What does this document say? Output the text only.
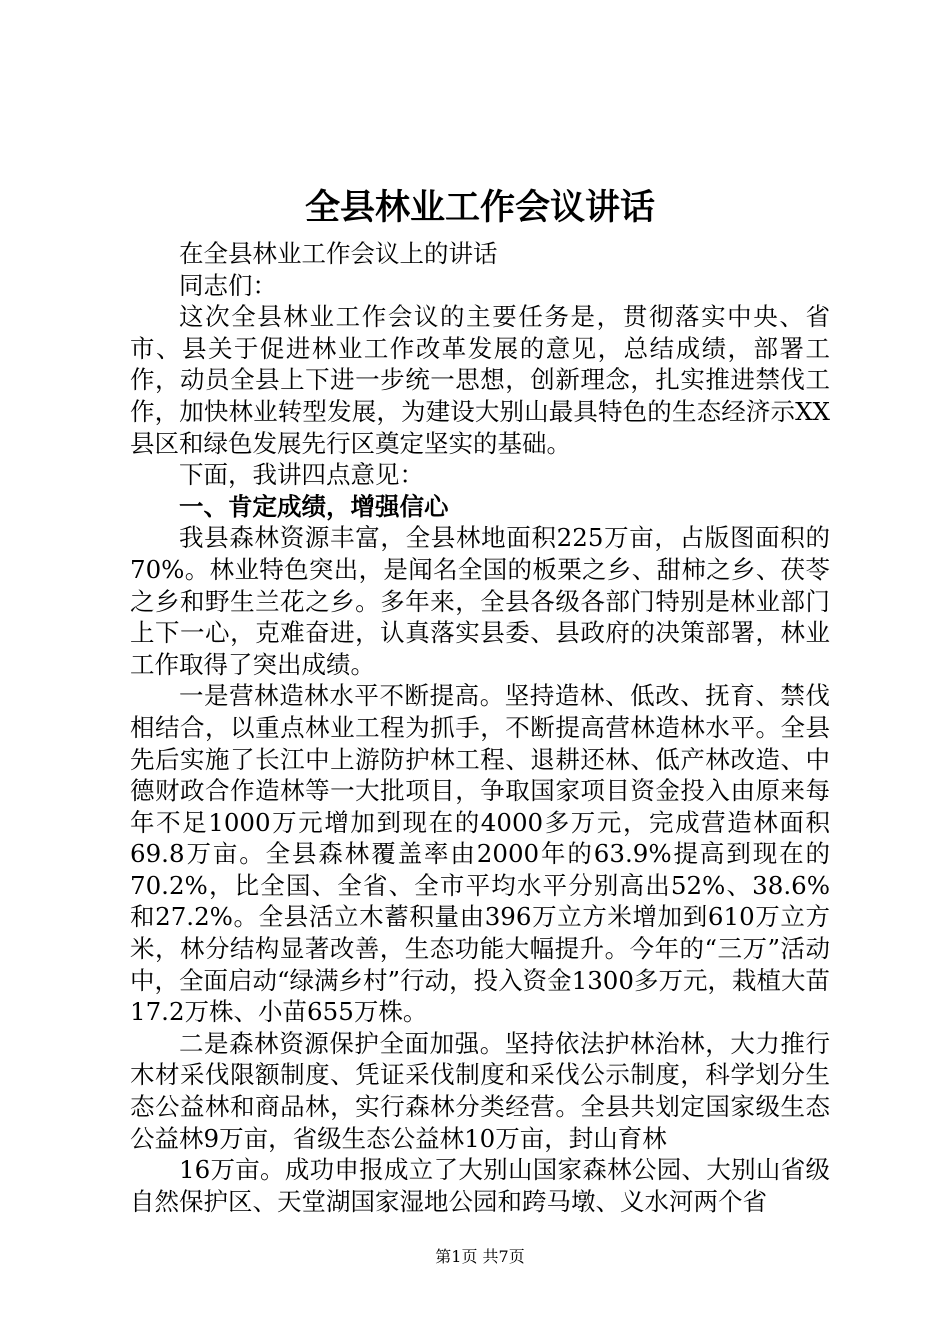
全县林业工作会议讲话

在全县林业工作会议上的讲话

同志们：

这次全县林业工作会议的主要任务是，贯彻落实中央、省市、县关于促进林业工作改革发展的意见，总结成绩，部署工作，动员全县上下进一步统一思想，创新理念，扎实推进禁伐工作，加快林业转型发展，为建设大别山最具特色的生态经济示XX县区和绿色发展先行区奠定坚实的基础。

下面，我讲四点意见：

一、肯定成绩，增强信心

我县森林资源丰富，全县林地面积225万亩，占版图面积的70%。林业特色突出，是闻名全国的板栗之乡、甜柿之乡、茯苓之乡和野生兰花之乡。多年来，全县各级各部门特别是林业部门上下一心，克难奋进，认真落实县委、县政府的决策部署，林业工作取得了突出成绩。

一是营林造林水平不断提高。坚持造林、低改、抚育、禁伐相结合，以重点林业工程为抓手，不断提高营林造林水平。全县先后实施了长江中上游防护林工程、退耕还林、低产林改造、中德财政合作造林等一大批项目，争取国家项目资金投入由原来每年不足1000万元增加到现在的4000多万元，完成营造林面积69.8万亩。全县森林覆盖率由2000年的63.9%提高到现在的70.2%，比全国、全省、全市平均水平分别高出52%、38.6%和27.2%。全县活立木蓄积量由396万立方米增加到610万立方米，林分结构显著改善，生态功能大幅提升。今年的“三万”活动中，全面启动“绿满乡村”行动，投入资金1300多万元，栽植大苗17.2万株、小苗655万株。

二是森林资源保护全面加强。坚持依法护林治林，大力推行木材采伐限额制度、凭证采伐制度和采伐公示制度，科学划分生态公益林和商品林，实行森林分类经营。全县共划定国家级生态公益林9万亩，省级生态公益林10万亩，封山育林

16万亩。成功申报成立了大别山国家森林公园、大别山省级自然保护区、天堂湖国家湿地公园和跨马墩、义水河两个省

第1页 共7页
